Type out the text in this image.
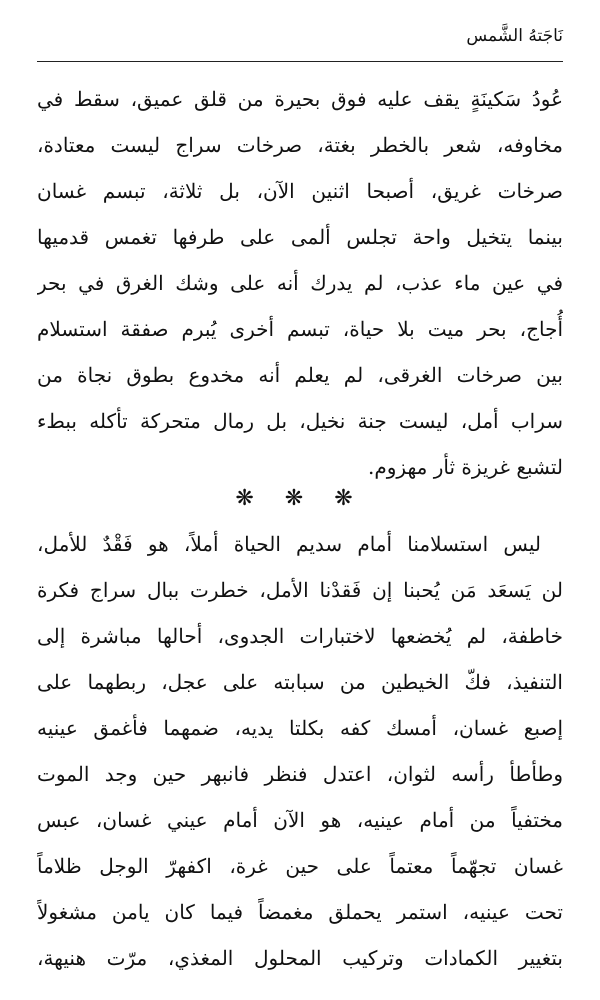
نَاجَتهُ الشَّمس
عُودُ سَكينَةٍ يقف عليه فوق بحيرة من قلق عميق، سقط في
مخاوفه، شعر بالخطر بغتة، صرخات سراج ليست معتادة،
صرخات غريق، أصبحا اثنين الآن، بل ثلاثة، تبسم غسان
بينما يتخيل واحة تجلس ألمى على طرفها تغمس قدميها
في عين ماء عذب، لم يدرك أنه على وشك الغرق في بحر
أُجاج، بحر ميت بلا حياة، تبسم أخرى يُبرم صفقة استسلام
بين صرخات الغرقى، لم يعلم أنه مخدوع بطوق نجاة من
سراب أمل، ليست جنة نخيل، بل رمال متحركة تأكله ببطء
لتشبع غريزة ثأر مهزوم.
❋ ❋ ❋
ليس استسلامنا أمام سديم الحياة أملاً، هو فَقْدٌ للأمل،
لن يَسعَد مَن يُحبنا إن فَقدْنا الأمل، خطرت ببال سراج فكرة
خاطفة، لم يُخضعها لاختبارات الجدوى، أحالها مباشرة إلى
التنفيذ، فكّ الخيطين من سبابته على عجل، ربطهما على
إصبع غسان، أمسك كفه بكلتا يديه، ضمهما فأغمق عينيه
وطأطأ رأسه لثوان، اعتدل فنظر فانبهر حين وجد الموت
مختفياً من أمام عينيه، هو الآن أمام عيني غسان، عبس
غسان تجهّماً معتماً على حين غرة، اكفهرّ الوجل ظلاماً
تحت عينيه، استمر يحملق مغمضاً فيما كان يامن مشغولاً
بتغيير الكمادات وتركيب المحلول المغذي، مرّت هنيهة،
